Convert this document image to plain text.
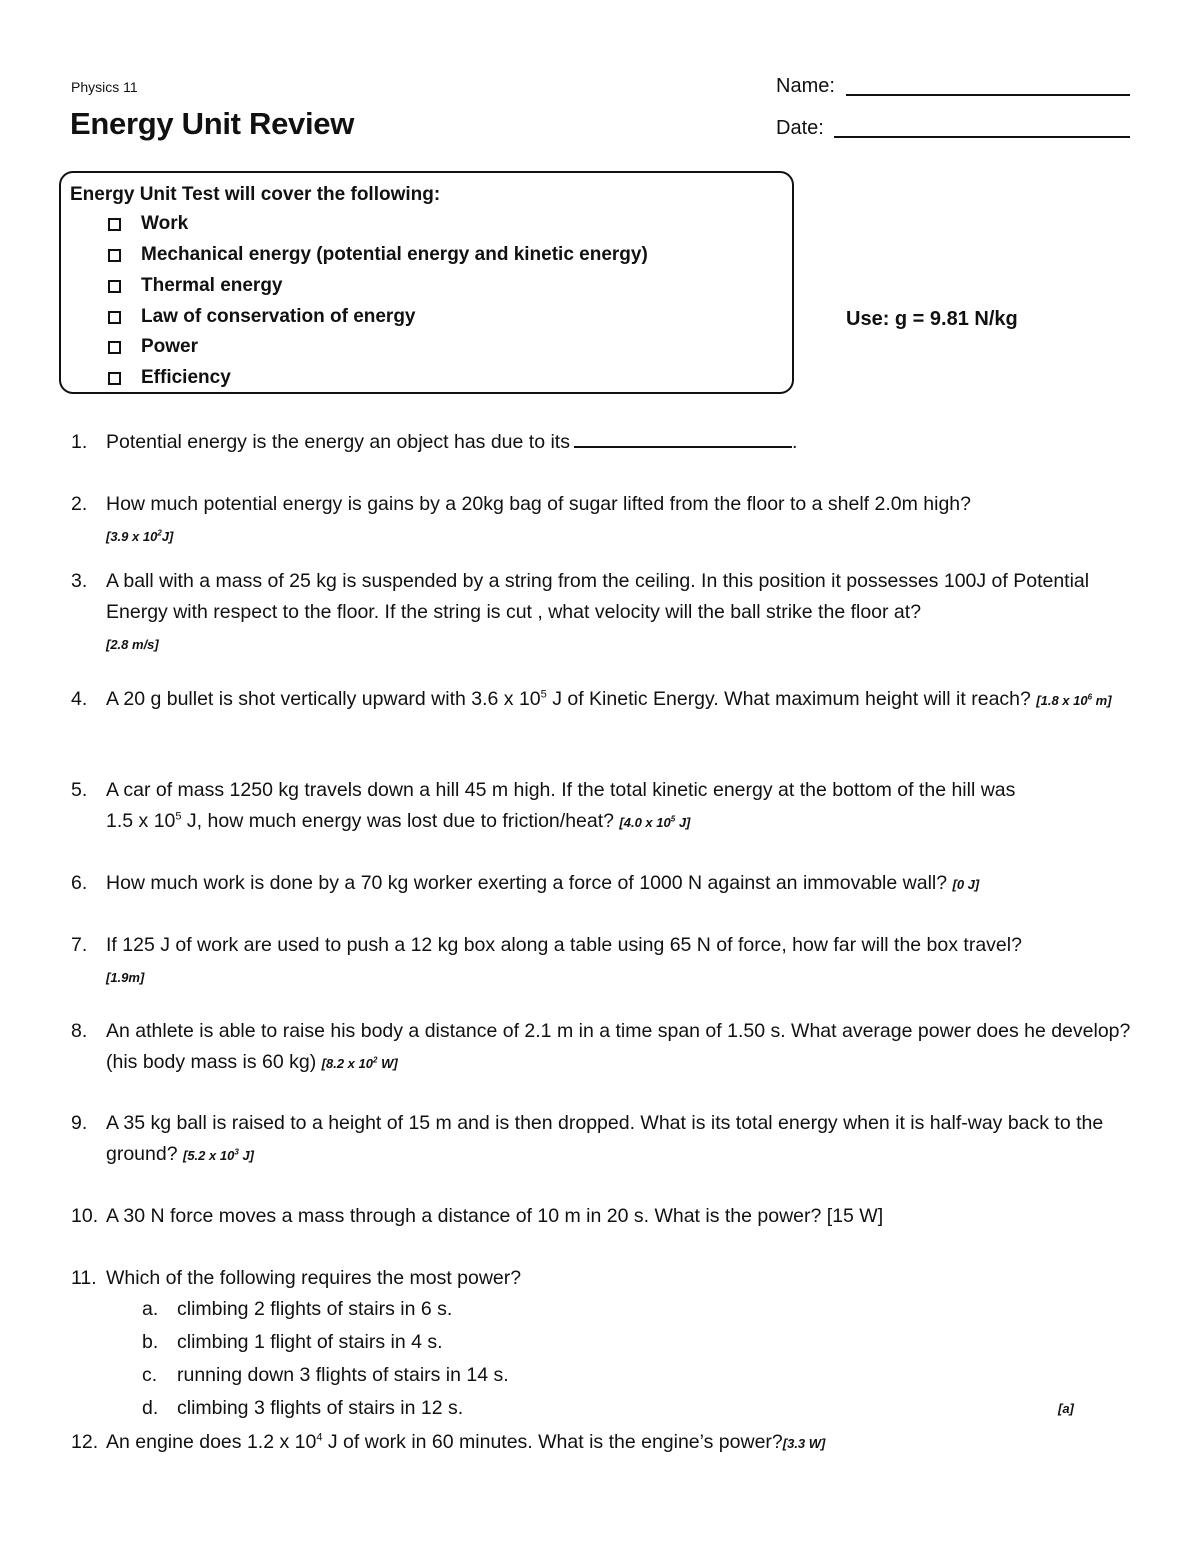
Physics 11
Energy Unit Review
Name:
Date:
Energy Unit Test will cover the following:
Work
Mechanical energy (potential energy and kinetic energy)
Thermal energy
Law of conservation of energy
Power
Efficiency
Use: g = 9.81 N/kg
1. Potential energy is the energy an object has due to its	.
2. How much potential energy is gains by a 20kg bag of sugar lifted from the floor to a shelf 2.0m high?
[3.9 x $10^2J$]
3. A ball with a mass of 25 kg is suspended by a string from the ceiling. In this position it possesses 100J of Potential Energy with respect to the floor. If the string is cut , what velocity will the ball strike the floor at?
[2.8 m/s]
4. A 20 g bullet is shot vertically upward with 3.6 x $10^5$ J of Kinetic Energy. What maximum height will it reach? [1.8 x $10^6$ m]
5. A car of mass 1250 kg travels down a hill 45 m high. If the total kinetic energy at the bottom of the hill was
1.5 x $10^5$ J, how much energy was lost due to friction/heat? [4.0 x $10^5$ J]
6. How much work is done by a 70 kg worker exerting a force of 1000 N against an immovable wall? [0 J]
7. If 125 J of work are used to push a 12 kg box along a table using 65 N of force, how far will the box travel?
[1.9m]
8. An athlete is able to raise his body a distance of 2.1 m in a time span of 1.50 s. What average power does he develop? (his body mass is 60 kg) [8.2 x $10^2$ W]
9. A 35 kg ball is raised to a height of 15 m and is then dropped. What is its total energy when it is half-way back to the ground? [5.2 x $10^3$ J]
10. A 30 N force moves a mass through a distance of 10 m in 20 s. What is the power? [15 W]
11. Which of the following requires the most power?
a. climbing 2 flights of stairs in 6 s.
b. climbing 1 flight of stairs in 4 s.
c. running down 3 flights of stairs in 14 s.
d. climbing 3 flights of stairs in 12 s.	[a]
12. An engine does 1.2 x $10^4$ J of work in 60 minutes. What is the engine’s power?[3.3 W]
